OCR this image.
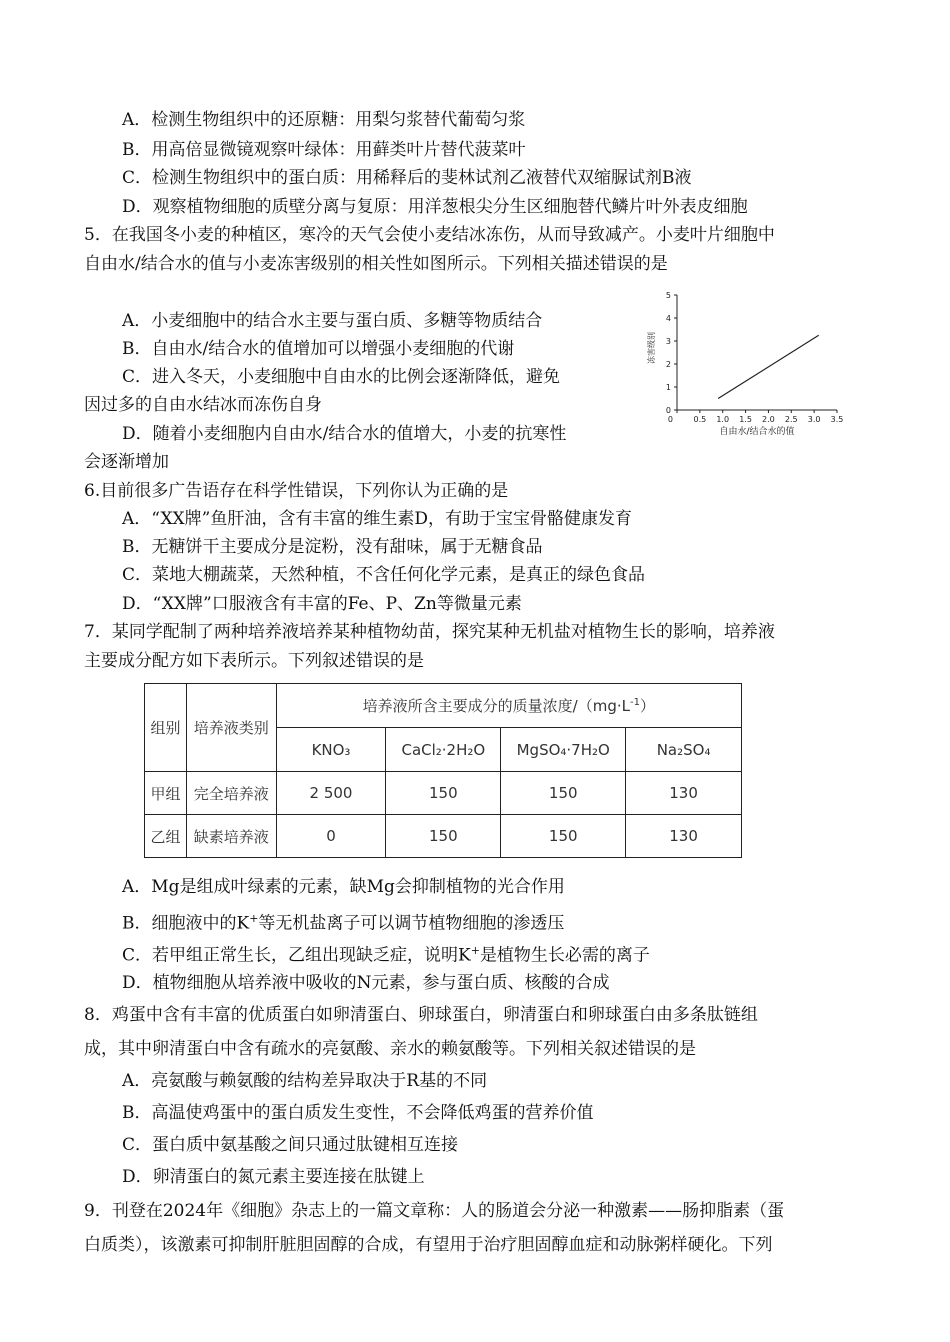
A．检测生物组织中的还原糖：用梨匀浆替代葡萄匀浆
B．用高倍显微镜观察叶绿体：用藓类叶片替代菠菜叶
C．检测生物组织中的蛋白质：用稀释后的斐林试剂乙液替代双缩脲试剂B液
D．观察植物细胞的质壁分离与复原：用洋葱根尖分生区细胞替代鳞片叶外表皮细胞
5．在我国冬小麦的种植区，寒冷的天气会使小麦结冰冻伤，从而导致减产。小麦叶片细胞中
自由水/结合水的值与小麦冻害级别的相关性如图所示。下列相关描述错误的是
A．小麦细胞中的结合水主要与蛋白质、多糖等物质结合
B．自由水/结合水的值增加可以增强小麦细胞的代谢
C．进入冬天，小麦细胞中自由水的比例会逐渐降低，避免
因过多的自由水结冰而冻伤自身
D．随着小麦细胞内自由水/结合水的值增大，小麦的抗寒性
会逐渐增加
0	0.5 1.0 1.5 2.0 2.5 3.0 3.5
0
1
2
3
4
5
自由水/结合水的值
冻害级别
6.目前很多广告语存在科学性错误，下列你认为正确的是
A．“XX牌”鱼肝油，含有丰富的维生素D，有助于宝宝骨骼健康发育
B．无糖饼干主要成分是淀粉，没有甜味，属于无糖食品
C．菜地大棚蔬菜，天然种植，不含任何化学元素，是真正的绿色食品
D．“XX牌”口服液含有丰富的Fe、P、Zn等微量元素
7．某同学配制了两种培养液培养某种植物幼苗，探究某种无机盐对植物生长的影响，培养液
主要成分配方如下表所示。下列叙述错误的是
组别	培养液类别	培养液所含主要成分的质量浓度$/(mg\cdot L^{-1})$			
		KNO₃	CaCl₂·2H₂O	MgSO₄·7H₂O	Na₂SO₄
甲组	完全培养液	2 500	150	150	130
乙组	缺素培养液	0	150	150	130
A．Mg是组成叶绿素的元素，缺Mg会抑制植物的光合作用
B．细胞液中的K+等无机盐离子可以调节植物细胞的渗透压
C．若甲组正常生长，乙组出现缺乏症，说明K+是植物生长必需的离子
D．植物细胞从培养液中吸收的N元素，参与蛋白质、核酸的合成
8．鸡蛋中含有丰富的优质蛋白如卵清蛋白、卵球蛋白，卵清蛋白和卵球蛋白由多条肽链组
成，其中卵清蛋白中含有疏水的亮氨酸、亲水的赖氨酸等。下列相关叙述错误的是
A．亮氨酸与赖氨酸的结构差异取决于R基的不同
B．高温使鸡蛋中的蛋白质发生变性，不会降低鸡蛋的营养价值
C．蛋白质中氨基酸之间只通过肽键相互连接
D．卵清蛋白的氮元素主要连接在肽键上
9．刊登在2024年《细胞》杂志上的一篇文章称：人的肠道会分泌一种激素——肠抑脂素（蛋
白质类），该激素可抑制肝脏胆固醇的合成，有望用于治疗胆固醇血症和动脉粥样硬化。下列
